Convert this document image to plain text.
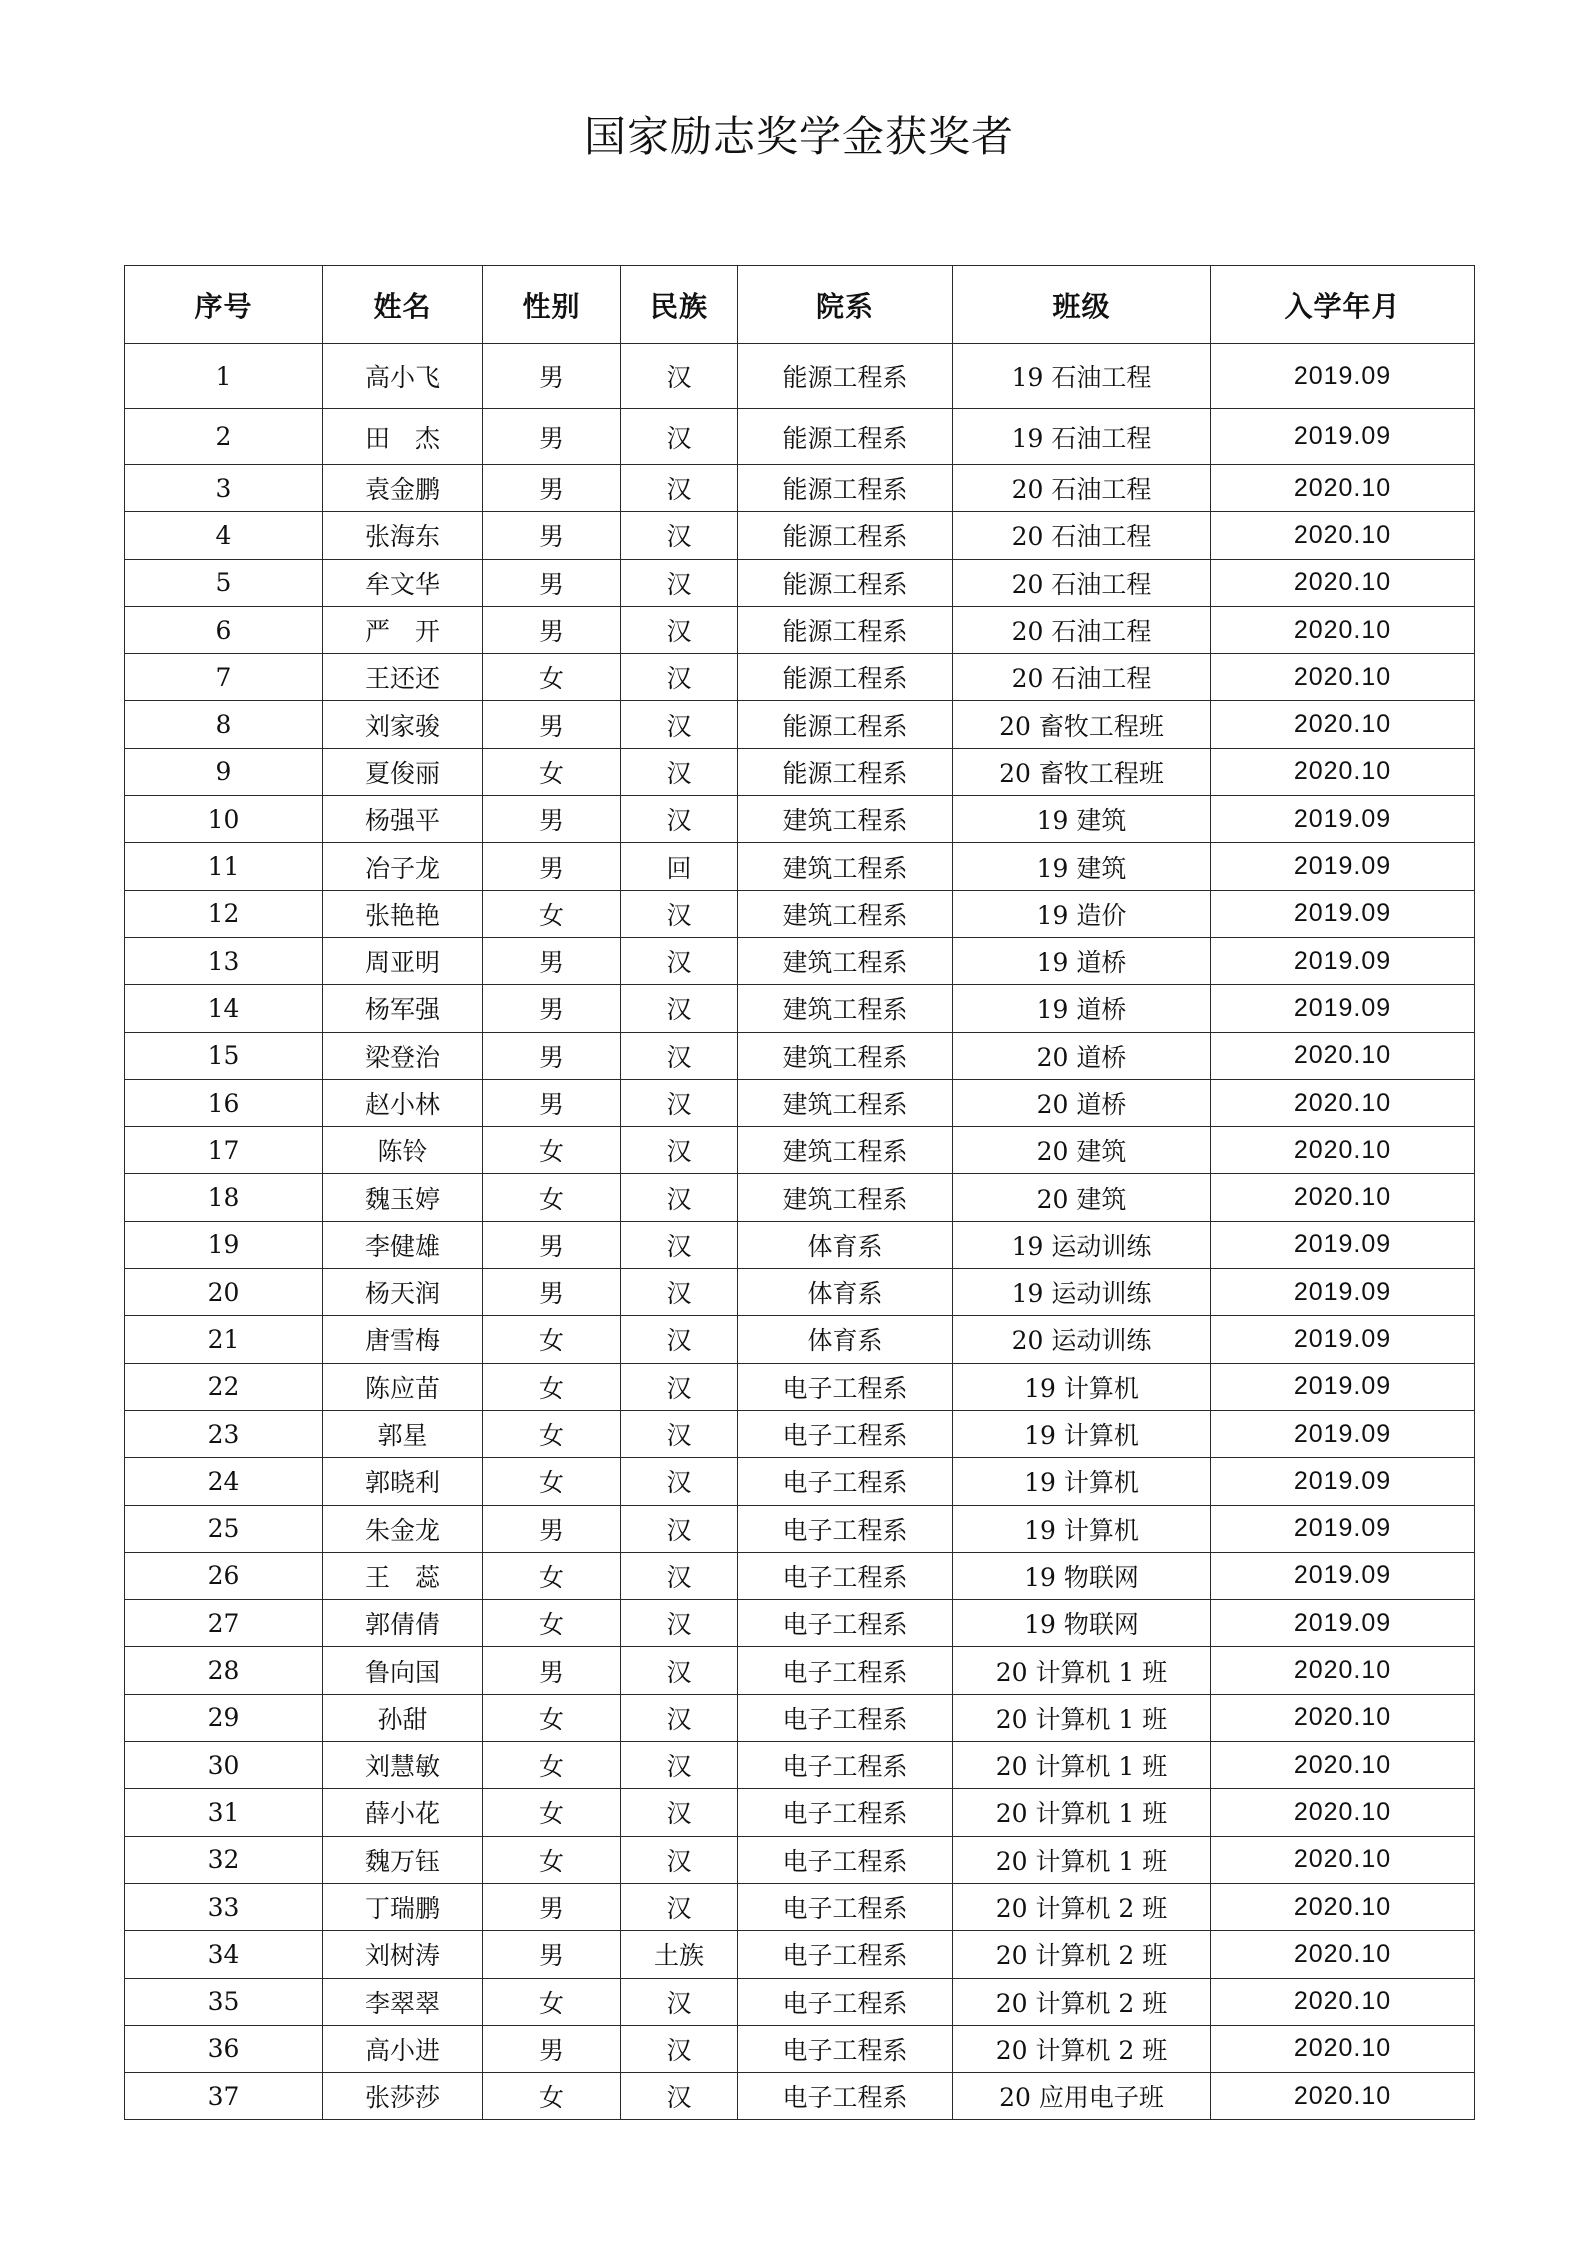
国家励志奖学金获奖者
序号	姓名	性别	民族	院系	班级	入学年月
1	高小飞	男	汉	能源工程系	19 石油工程	2019.09
2	田　杰	男	汉	能源工程系	19 石油工程	2019.09
3	袁金鹏	男	汉	能源工程系	20 石油工程	2020.10
4	张海东	男	汉	能源工程系	20 石油工程	2020.10
5	牟文华	男	汉	能源工程系	20 石油工程	2020.10
6	严　开	男	汉	能源工程系	20 石油工程	2020.10
7	王还还	女	汉	能源工程系	20 石油工程	2020.10
8	刘家骏	男	汉	能源工程系	20 畜牧工程班	2020.10
9	夏俊丽	女	汉	能源工程系	20 畜牧工程班	2020.10
10	杨强平	男	汉	建筑工程系	19 建筑	2019.09
11	冶子龙	男	回	建筑工程系	19 建筑	2019.09
12	张艳艳	女	汉	建筑工程系	19 造价	2019.09
13	周亚明	男	汉	建筑工程系	19 道桥	2019.09
14	杨军强	男	汉	建筑工程系	19 道桥	2019.09
15	梁登治	男	汉	建筑工程系	20 道桥	2020.10
16	赵小林	男	汉	建筑工程系	20 道桥	2020.10
17	陈铃	女	汉	建筑工程系	20 建筑	2020.10
18	魏玉婷	女	汉	建筑工程系	20 建筑	2020.10
19	李健雄	男	汉	体育系	19 运动训练	2019.09
20	杨天润	男	汉	体育系	19 运动训练	2019.09
21	唐雪梅	女	汉	体育系	20 运动训练	2019.09
22	陈应苗	女	汉	电子工程系	19 计算机	2019.09
23	郭星	女	汉	电子工程系	19 计算机	2019.09
24	郭晓利	女	汉	电子工程系	19 计算机	2019.09
25	朱金龙	男	汉	电子工程系	19 计算机	2019.09
26	王　蕊	女	汉	电子工程系	19 物联网	2019.09
27	郭倩倩	女	汉	电子工程系	19 物联网	2019.09
28	鲁向国	男	汉	电子工程系	20 计算机 1 班	2020.10
29	孙甜	女	汉	电子工程系	20 计算机 1 班	2020.10
30	刘慧敏	女	汉	电子工程系	20 计算机 1 班	2020.10
31	薛小花	女	汉	电子工程系	20 计算机 1 班	2020.10
32	魏万钰	女	汉	电子工程系	20 计算机 1 班	2020.10
33	丁瑞鹏	男	汉	电子工程系	20 计算机 2 班	2020.10
34	刘树涛	男	土族	电子工程系	20 计算机 2 班	2020.10
35	李翠翠	女	汉	电子工程系	20 计算机 2 班	2020.10
36	高小进	男	汉	电子工程系	20 计算机 2 班	2020.10
37	张莎莎	女	汉	电子工程系	20 应用电子班	2020.10
